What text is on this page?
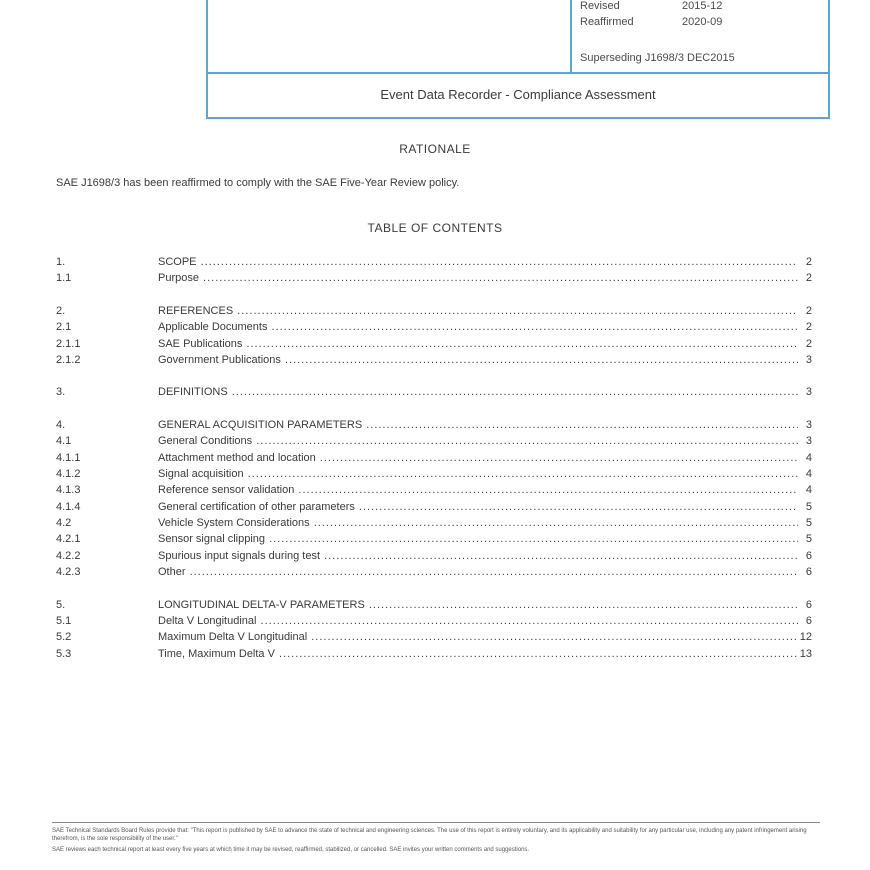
Revised	2015-12
Reaffirmed	2020-09
Superseding J1698/3 DEC2015
Event Data Recorder - Compliance Assessment
RATIONALE
SAE J1698/3 has been reaffirmed to comply with the SAE Five-Year Review policy.
TABLE OF CONTENTS
1.	SCOPE .....	2
1.1	Purpose .....	2
2.	REFERENCES .....	2
2.1	Applicable Documents .....	2
2.1.1	SAE Publications .....	2
2.1.2	Government Publications .....	3
3.	DEFINITIONS .....	3
4.	GENERAL ACQUISITION PARAMETERS .....	3
4.1	General Conditions .....	3
4.1.1	Attachment method and location .....	4
4.1.2	Signal acquisition .....	4
4.1.3	Reference sensor validation .....	4
4.1.4	General certification of other parameters .....	5
4.2	Vehicle System Considerations .....	5
4.2.1	Sensor signal clipping .....	5
4.2.2	Spurious input signals during test .....	6
4.2.3	Other .....	6
5.	LONGITUDINAL DELTA-V PARAMETERS .....	6
5.1	Delta V Longitudinal .....	6
5.2	Maximum Delta V Longitudinal .....	12
5.3	Time, Maximum Delta V .....	13

SAE Technical Standards Board Rules provide that: "This report is published by SAE to advance the state of technical and engineering sciences. The use of this report is entirely voluntary, and its applicability and suitability for any particular use, including any patent infringement arising therefrom, is the sole responsibility of the user."

SAE reviews each technical report at least every five years at which time it may be revised, reaffirmed, stabilized, or cancelled. SAE invites your written comments and suggestions.
